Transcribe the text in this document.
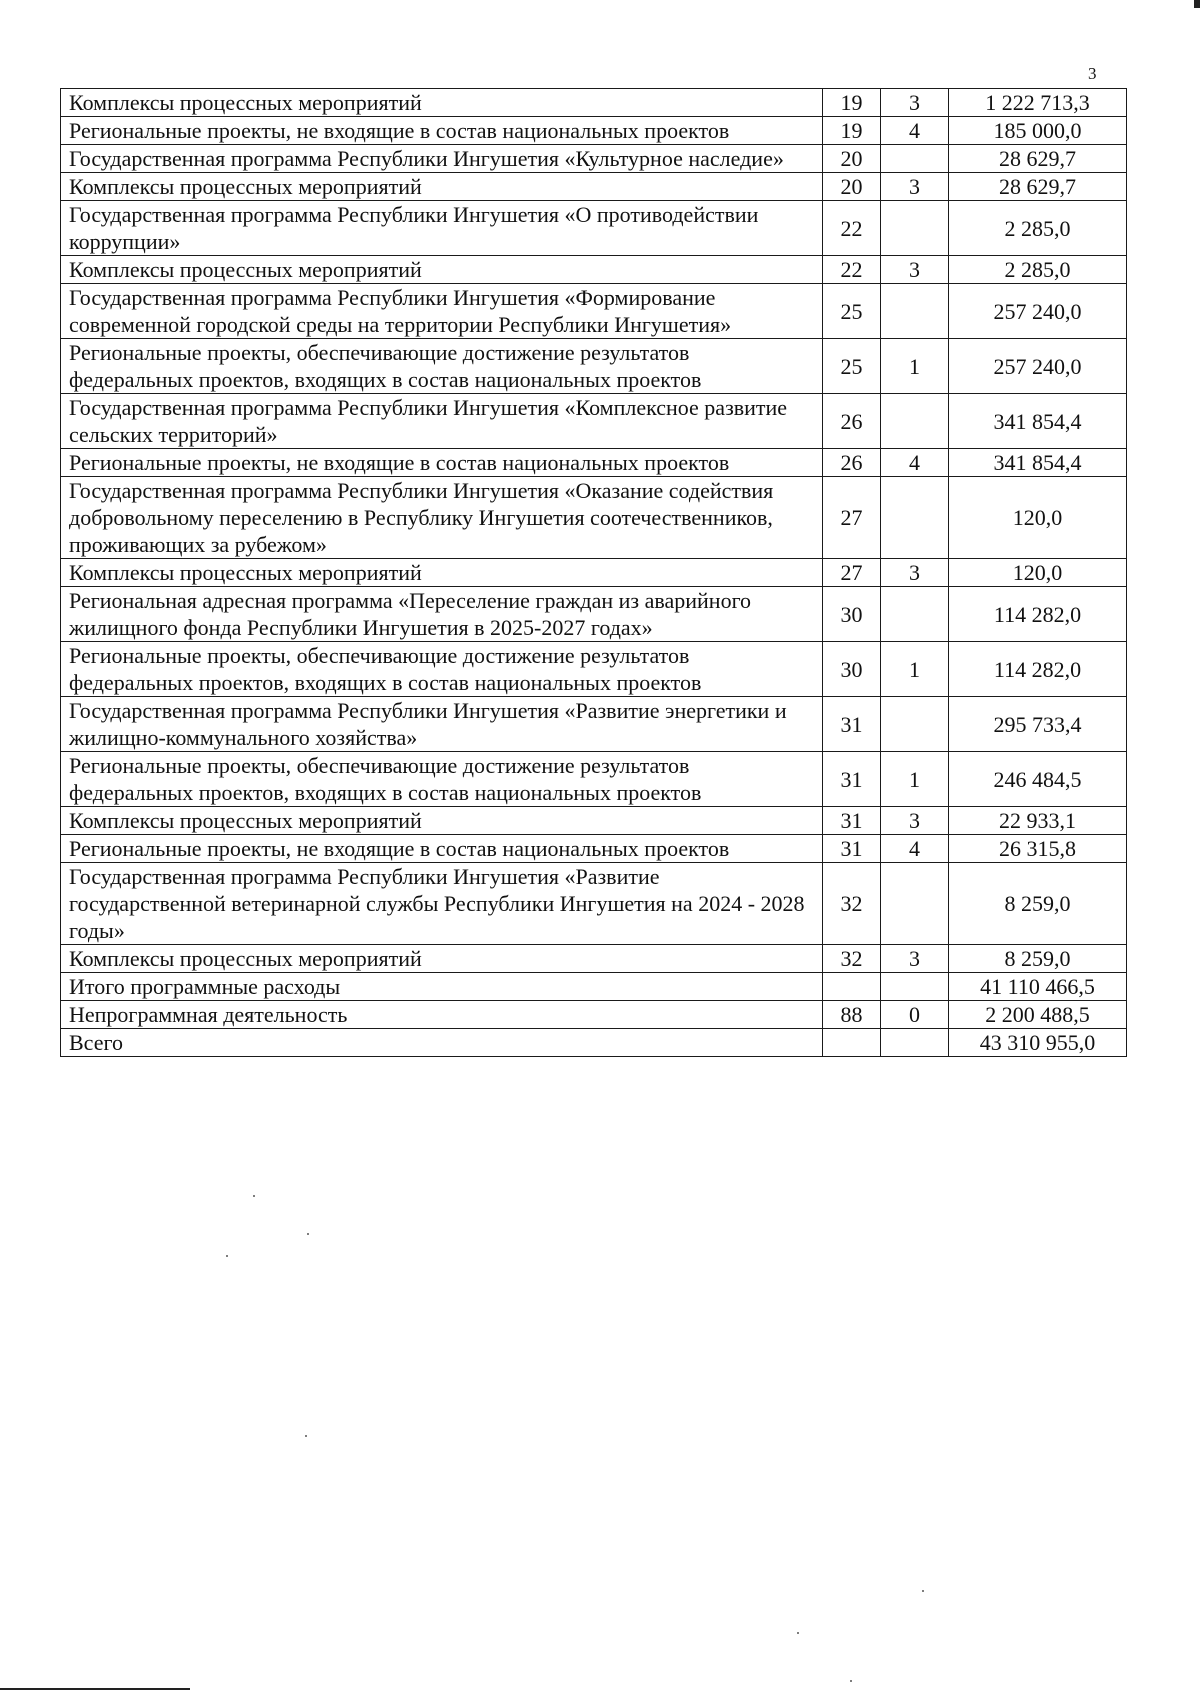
3
Комплексы процессных мероприятий	19	3	1 222 713,3
Региональные проекты, не входящие в состав национальных проектов	19	4	185 000,0
Государственная программа Республики Ингушетия «Культурное наследие»	20		28 629,7
Комплексы процессных мероприятий	20	3	28 629,7
Государственная программа Республики Ингушетия «О противодействии коррупции»	22		2 285,0
Комплексы процессных мероприятий	22	3	2 285,0
Государственная программа Республики Ингушетия «Формирование современной городской среды на территории Республики Ингушетия»	25		257 240,0
Региональные проекты, обеспечивающие достижение результатов федеральных проектов, входящих в состав национальных проектов	25	1	257 240,0
Государственная программа Республики Ингушетия «Комплексное развитие сельских территорий»	26		341 854,4
Региональные проекты, не входящие в состав национальных проектов	26	4	341 854,4
Государственная программа Республики Ингушетия «Оказание содействия добровольному переселению в Республику Ингушетия соотечественников, проживающих за рубежом»	27		120,0
Комплексы процессных мероприятий	27	3	120,0
Региональная адресная программа «Переселение граждан из аварийного жилищного фонда Республики Ингушетия в 2025-2027 годах»	30		114 282,0
Региональные проекты, обеспечивающие достижение результатов федеральных проектов, входящих в состав национальных проектов	30	1	114 282,0
Государственная программа Республики Ингушетия «Развитие энергетики и жилищно-коммунального хозяйства»	31		295 733,4
Региональные проекты, обеспечивающие достижение результатов федеральных проектов, входящих в состав национальных проектов	31	1	246 484,5
Комплексы процессных мероприятий	31	3	22 933,1
Региональные проекты, не входящие в состав национальных проектов	31	4	26 315,8
Государственная программа Республики Ингушетия «Развитие государственной ветеринарной службы Республики Ингушетия на 2024 - 2028 годы»	32		8 259,0
Комплексы процессных мероприятий	32	3	8 259,0
Итого программные расходы			41 110 466,5
Непрограммная деятельность	88	0	2 200 488,5
Всего			43 310 955,0
